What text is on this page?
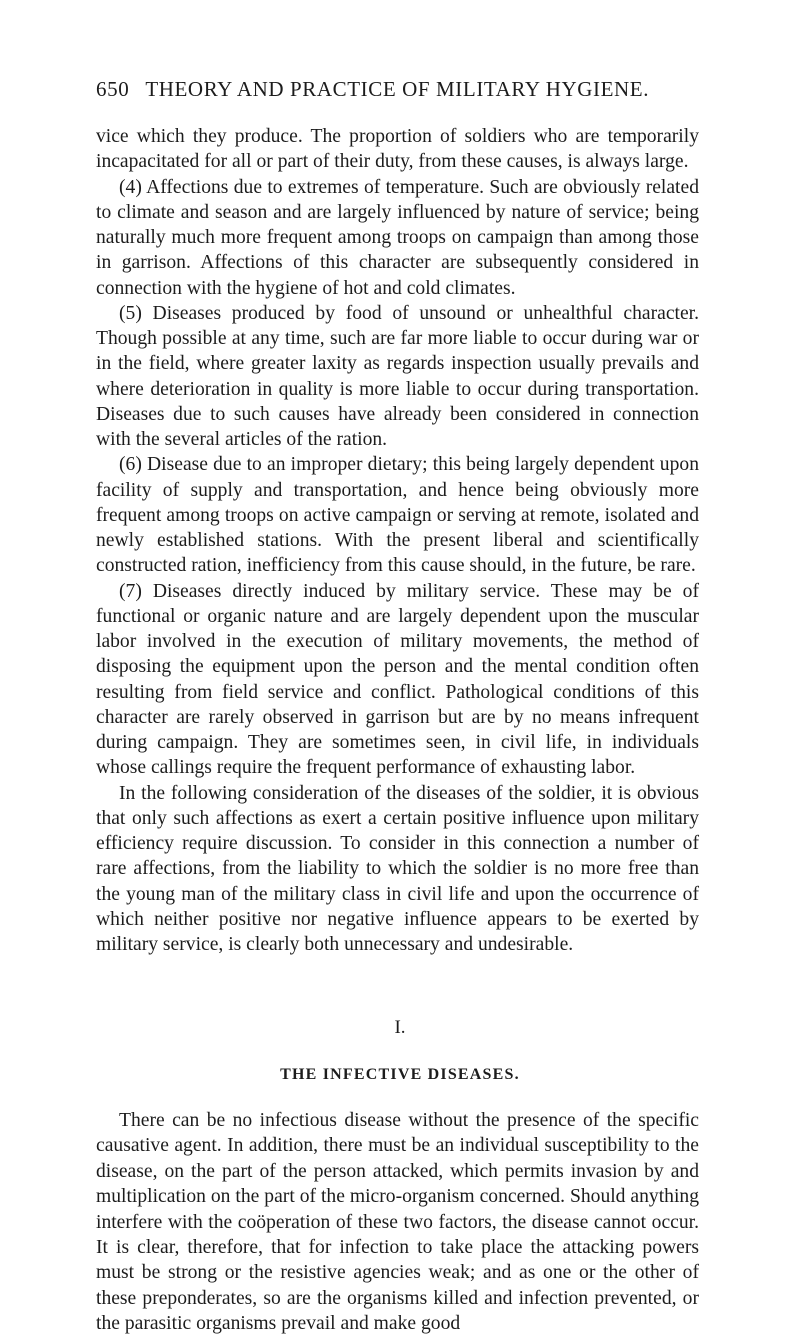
650 THEORY AND PRACTICE OF MILITARY HYGIENE.

vice which they produce. The proportion of soldiers who are temporarily incapacitated for all or part of their duty, from these causes, is always large.

(4) Affections due to extremes of temperature. Such are obviously related to climate and season and are largely influenced by nature of service; being naturally much more frequent among troops on campaign than among those in garrison. Affections of this character are subsequently considered in connection with the hygiene of hot and cold climates.

(5) Diseases produced by food of unsound or unhealthful character. Though possible at any time, such are far more liable to occur during war or in the field, where greater laxity as regards inspection usually prevails and where deterioration in quality is more liable to occur during transportation. Diseases due to such causes have already been considered in connection with the several articles of the ration.

(6) Disease due to an improper dietary; this being largely dependent upon facility of supply and transportation, and hence being obviously more frequent among troops on active campaign or serving at remote, isolated and newly established stations. With the present liberal and scientifically constructed ration, inefficiency from this cause should, in the future, be rare.

(7) Diseases directly induced by military service. These may be of functional or organic nature and are largely dependent upon the muscular labor involved in the execution of military movements, the method of disposing the equipment upon the person and the mental condition often resulting from field service and conflict. Pathological conditions of this character are rarely observed in garrison but are by no means infrequent during campaign. They are sometimes seen, in civil life, in individuals whose callings require the frequent performance of exhausting labor.

In the following consideration of the diseases of the soldier, it is obvious that only such affections as exert a certain positive influence upon military efficiency require discussion. To consider in this connection a number of rare affections, from the liability to which the soldier is no more free than the young man of the military class in civil life and upon the occurrence of which neither positive nor negative influence appears to be exerted by military service, is clearly both unnecessary and undesirable.

I.
THE INFECTIVE DISEASES.

There can be no infectious disease without the presence of the specific causative agent. In addition, there must be an individual susceptibility to the disease, on the part of the person attacked, which permits invasion by and multiplication on the part of the micro-organism concerned. Should anything interfere with the coöperation of these two factors, the disease cannot occur. It is clear, therefore, that for infection to take place the attacking powers must be strong or the resistive agencies weak; and as one or the other of these preponderates, so are the organisms killed and infection prevented, or the parasitic organisms prevail and make good
